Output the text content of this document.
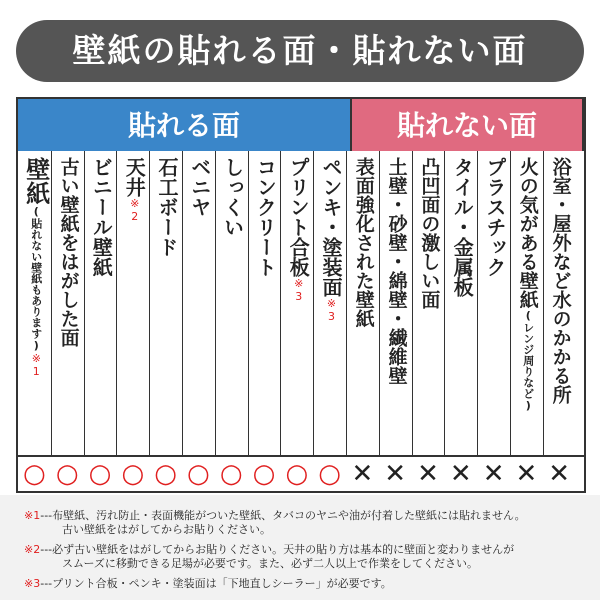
壁紙の貼れる面・貼れない面
貼れる面	貼れない面
壁紙(貼れない壁紙もあります)※1
古い壁紙をはがした面 ビニール壁紙 天井※2 石工ボード ベニヤ しっくい コンクリート プリント合板※3 ペンキ・塗装面※3 表面強化された壁紙 土壁・砂壁・綿壁・繊維壁 凸凹面の激しい面 タイル・金属板 プラスチック 火の気がある壁紙(レンジ周りなど) 浴室・屋外など水のかかる所
○ ○ ○ ○ ○ ○ ○ ○ ○ ○ ✕ ✕ ✕ ✕ ✕ ✕ ✕
※1---布壁紙、汚れ防止・表面機能がついた壁紙、タバコのヤニや油が付着した壁紙には貼れません。
古い壁紙をはがしてからお貼りください。
※2---必ず古い壁紙をはがしてからお貼りください。天井の貼り方は基本的に壁面と変わりませんが
スムーズに移動できる足場が必要です。また、必ず二人以上で作業をしてください。
※3---プリント合板・ペンキ・塗装面は「下地直しシーラー」が必要です。
